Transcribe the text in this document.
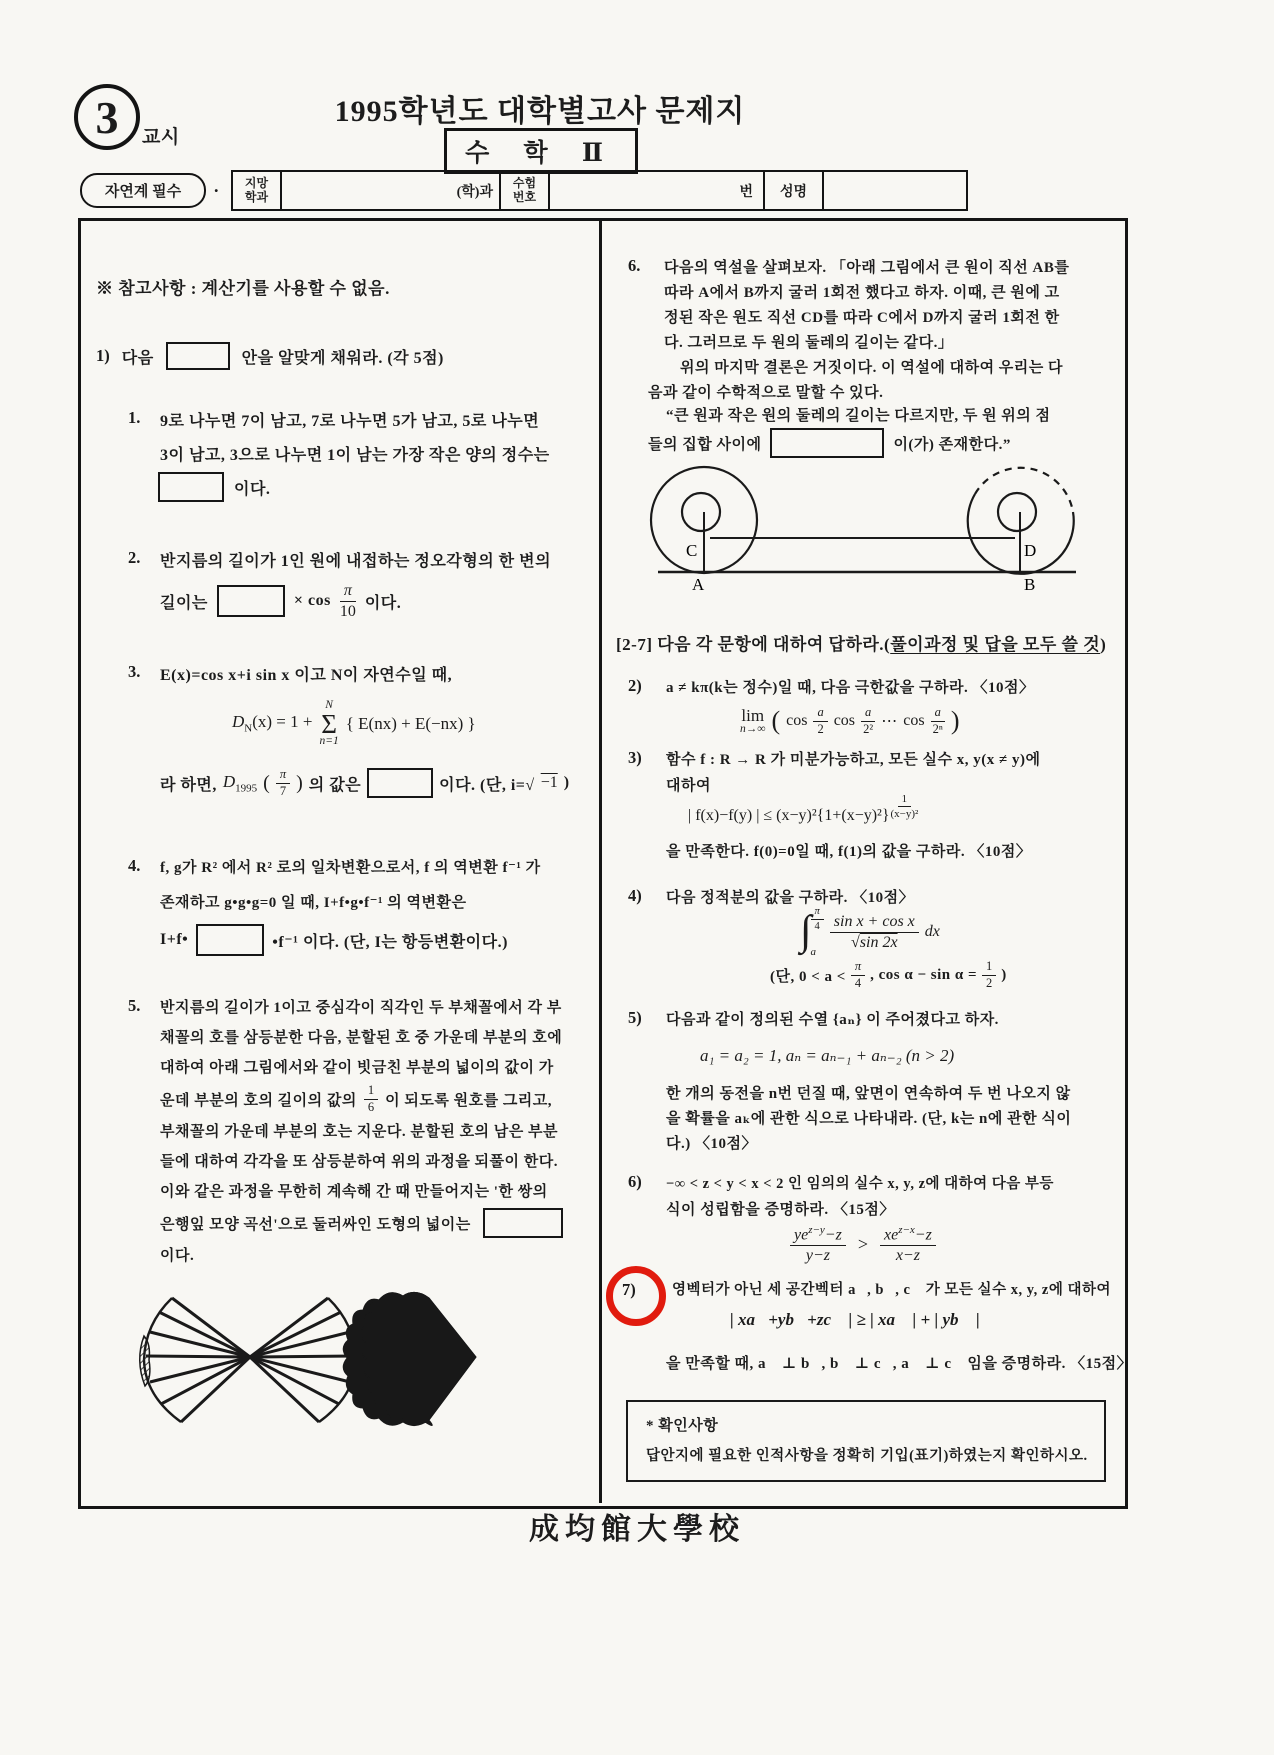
3 교시
1995학년도 대학별고사 문제지
수 학 Ⅱ
자연계 필수 . 지망
학과	(학)과
수험
번호	번 성명
※ 참고사항 : 계산기를 사용할 수 없음.
1) 다음	안을 알맞게 채워라. (각 5점)
1. 9로 나누면 7이 남고, 7로 나누면 5가 남고, 5로 나누면
3이 남고, 3으로 나누면 1이 남는 가장 작은 양의 정수는
이다.
2. 반지름의 길이가 1인 원에 내접하는 정오각형의 한 변의
길이는	× $\cos \frac{\pi}{10}$ 이다.
3. E(x)=cos x+i sin x 이고 N이 자연수일 때,
$D_N(x) = 1$ +
N
Σ
n=1
{ E(nx) + E(−nx) }
라 하면, $D_{1995}$ ( $\frac{\pi}{7}$ ) 의 값은	이다. (단, i=√ −1 )
4. f, g가 R² 에서 R² 로의 일차변환으로서, f 의 역변환 f⁻¹ 가
존재하고 g•g•g=0 일 때, I+f•g•f⁻¹ 의 역변환은
I+f•	•f⁻¹ 이다. (단, I는 항등변환이다.)
5. 반지름의 길이가 1이고 중심각이 직각인 두 부채꼴에서 각 부
채꼴의 호를 삼등분한 다음, 분할된 호 중 가운데 부분의 호에
대하여 아래 그림에서와 같이 빗금친 부분의 넓이의 값이 가
운데 부분의 호의 길이의 값의 $\frac{1}{6}$ 이 되도록 원호를 그리고,
부채꼴의 가운데 부분의 호는 지운다. 분할된 호의 남은 부분
들에 대하여 각각을 또 삼등분하여 위의 과정을 되풀이 한다.
이와 같은 과정을 무한히 계속해 간 때 만들어지는 '한 쌍의
은행잎 모양 곡선'으로 둘러싸인 도형의 넓이는
이다.
6. 다음의 역설을 살펴보자. 「아래 그림에서 큰 원이 직선 AB를
따라 A에서 B까지 굴러 1회전 했다고 하자. 이때, 큰 원에 고
정된 작은 원도 직선 CD를 따라 C에서 D까지 굴러 1회전 한
다. 그러므로 두 원의 둘레의 길이는 같다.」
위의 마지막 결론은 거짓이다. 이 역설에 대하여 우리는 다
음과 같이 수학적으로 말할 수 있다.
“큰 원과 작은 원의 둘레의 길이는 다르지만, 두 원 위의 점
들의 집합 사이에	이(가) 존재한다.”
C	D
A	B
[2-7] 다음 각 문항에 대하여 답하라.(풀이과정 및 답을 모두 쓸 것)
2) a ≠ kπ(k는 정수)일 때, 다음 극한값을 구하라. 〈10점〉
lim
n→∞ ( $\cos \frac{a}{2}$ $\cos \frac{a}{\text{2²}}$ ⋯ $\cos \frac{a}{\text{2ⁿ}}$ )
3) 함수 f : R → R 가 미분가능하고, 모든 실수 x, y(x ≠ y)에
대하여
| f(x)−f(y) | ≤ (x−y)² $\{1+(x-y)^2\} \frac{1}{\text{(x−y)²}}$
을 만족한다. f(0)=0일 때, f(1)의 값을 구하라. 〈10점〉
4) 다음 정적분의 값을 구하라. 〈10점〉
∫ $\frac{\pi}{4}$
a
$\frac{\text{sin x + cos x}}{√\sin 2x}$ dx
(단, $0 < a < \frac{\pi}{4}$ , $\cos \alpha - \sin \alpha = \frac{1}{2}$ )
5) 다음과 같이 정의된 수열 {aₙ} 이 주어졌다고 하자.
a₁ = a₂ = 1, aₙ = aₙ₋₁ + aₙ₋₂ (n > 2)
한 개의 동전을 n번 던질 때, 앞면이 연속하여 두 번 나오지 않
을 확률을 aₖ에 관한 식으로 나타내라. (단, k는 n에 관한 식이
다.) 〈10점〉
6) −∞ < z < y < x < 2 인 임의의 실수 x, y, z에 대하여 다음 부등
식이 성립함을 증명하라. 〈15점〉
$\frac{ye^{z-y}-z}{y-z} > \frac{xe^{z-x}-z}{x-z}$
7)	영벡터가 아닌 세 공간벡터 a⃗, b⃗, c⃗ 가 모든 실수 x, y, z에 대하여
| xa⃗+yb⃗+zc⃗ | ≥ | xa⃗ | + | yb⃗ |
을 만족할 때, a⃗ ⊥ b⃗, b⃗ ⊥ c⃗, a⃗ ⊥ c⃗ 임을 증명하라. 〈15점〉
* 확인사항
답안지에 필요한 인적사항을 정확히 기입(표기)하였는지 확인하시오.
成均館大學校
